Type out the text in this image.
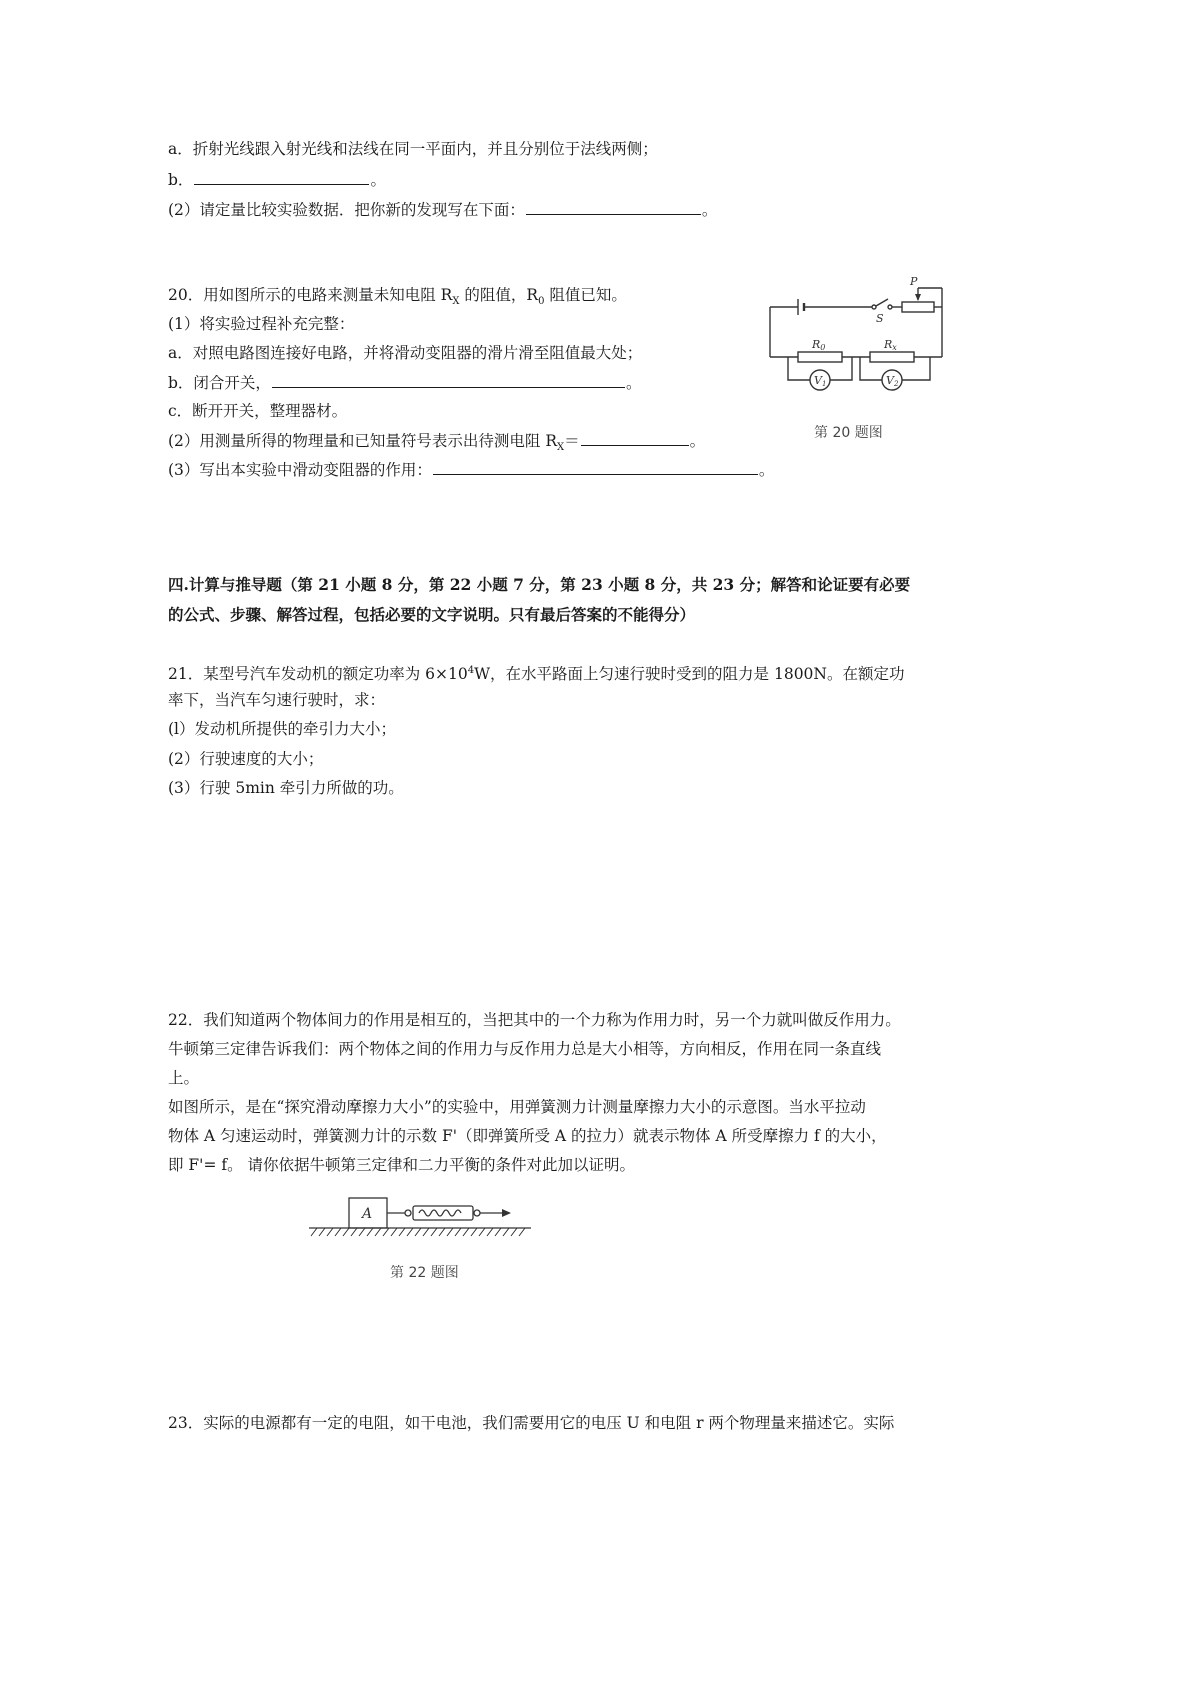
a．折射光线跟入射光线和法线在同一平面内，并且分别位于法线两侧；
b．	。
(2）请定量比较实验数据．把你新的发现写在下面：	。
20．用如图所示的电路来测量未知电阻 $R_X$ 的阻值，$R_0$ 阻值已知。
(1）将实验过程补充完整：
a．对照电路图连接好电路，并将滑动变阻器的滑片滑至阻值最大处；
b．闭合开关，	。
c．断开开关，整理器材。
(2）用测量所得的物理量和已知量符号表示出待测电阻 $R_X=$	。
(3）写出本实验中滑动变阻器的作用：	。
P
S
R0	Rx
V1	V2
第 20 题图
四.计算与推导题（第 21 小题 8 分，第 22 小题 7 分，第 23 小题 8 分，共 23 分；解答和论证要有必要
的公式、步骤、解答过程，包括必要的文字说明。只有最后答案的不能得分）
21．某型号汽车发动机的额定功率为 $6\times 10^4W$，在水平路面上匀速行驶时受到的阻力是 1800N。在额定功
率下，当汽车匀速行驶时，求：
(l）发动机所提供的牵引力大小；
(2）行驶速度的大小；
(3）行驶 5min 牵引力所做的功。
22．我们知道两个物体间力的作用是相互的，当把其中的一个力称为作用力时，另一个力就叫做反作用力。
牛顿第三定律告诉我们：两个物体之间的作用力与反作用力总是大小相等，方向相反，作用在同一条直线
上。
如图所示，是在“探究滑动摩擦力大小”的实验中，用弹簧测力计测量摩擦力大小的示意图。当水平拉动
物体 A 匀速运动时，弹簧测力计的示数 F'（即弹簧所受 A 的拉力）就表示物体 A 所受摩擦力 f 的大小，
即 F'= f。 请你依据牛顿第三定律和二力平衡的条件对此加以证明。
A
第 22 题图
23．实际的电源都有一定的电阻，如干电池，我们需要用它的电压 U 和电阻 r 两个物理量来描述它。实际
